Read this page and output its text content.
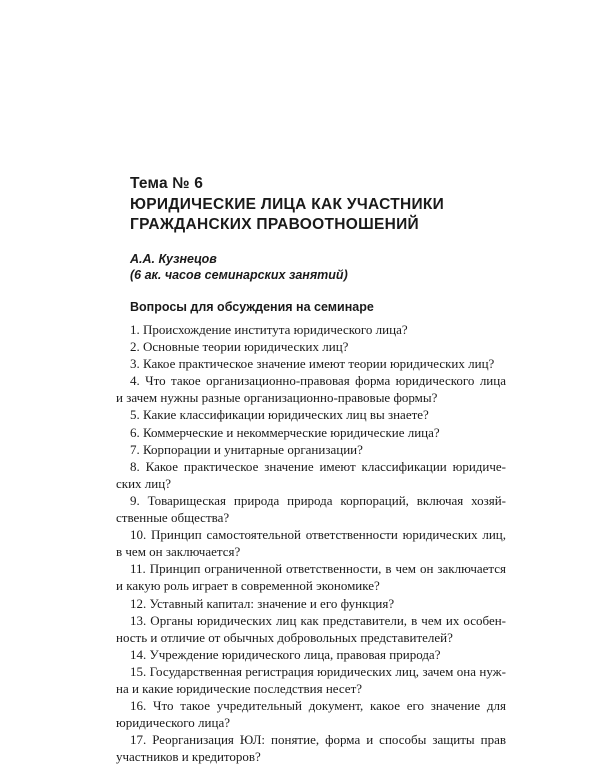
Тема № 6
ЮРИДИЧЕСКИЕ ЛИЦА КАК УЧАСТНИКИ
ГРАЖДАНСКИХ ПРАВООТНОШЕНИЙ
А.А. Кузнецов
(6 ак. часов семинарских занятий)
Вопросы для обсуждения на семинаре
1. Происхождение института юридического лица?
2. Основные теории юридических лиц?
3. Какое практическое значение имеют теории юридических лиц?
4. Что такое организационно-правовая форма юридического лица
и зачем нужны разные организационно-правовые формы?
5. Какие классификации юридических лиц вы знаете?
6. Коммерческие и некоммерческие юридические лица?
7. Корпорации и унитарные организации?
8. Какое практическое значение имеют классификации юридиче-
ских лиц?
9. Товарищеская природа природа корпораций, включая хозяй-
ственные общества?
10. Принцип самостоятельной ответственности юридических лиц,
в чем он заключается?
11. Принцип ограниченной ответственности, в чем он заключается
и какую роль играет в современной экономике?
12. Уставный капитал: значение и его функция?
13. Органы юридических лиц как представители, в чем их особен-
ность и отличие от обычных добровольных представителей?
14. Учреждение юридического лица, правовая природа?
15. Государственная регистрация юридических лиц, зачем она нуж-
на и какие юридические последствия несет?
16. Что такое учредительный документ, какое его значение для
юридического лица?
17. Реорганизация ЮЛ: понятие, форма и способы защиты прав
участников и кредиторов?
